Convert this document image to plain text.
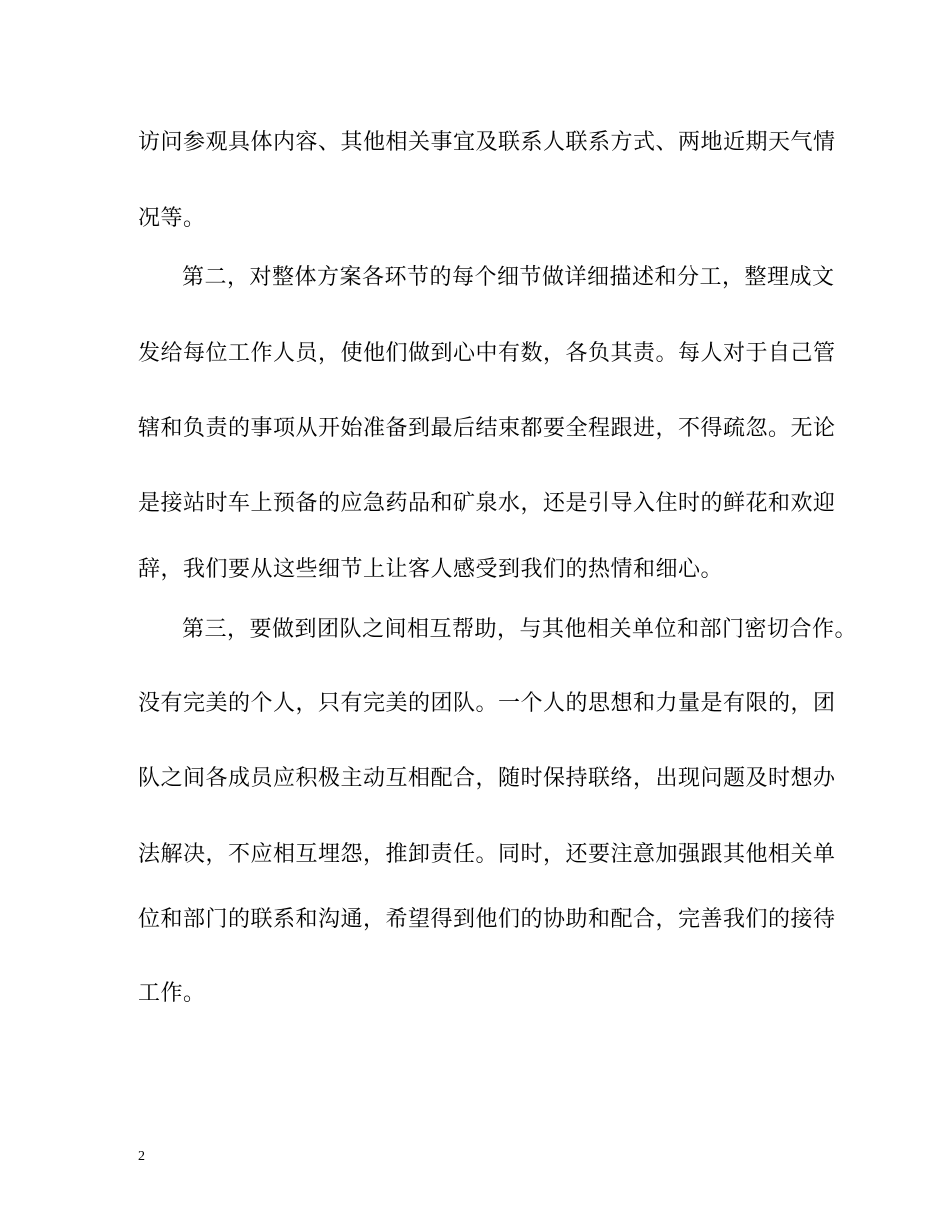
访问参观具体内容、其他相关事宜及联系人联系方式、两地近期天气情
况等。
第二，对整体方案各环节的每个细节做详细描述和分工，整理成文
发给每位工作人员，使他们做到心中有数，各负其责。每人对于自己管
辖和负责的事项从开始准备到最后结束都要全程跟进，不得疏忽。无论
是接站时车上预备的应急药品和矿泉水，还是引导入住时的鲜花和欢迎
辞，我们要从这些细节上让客人感受到我们的热情和细心。
第三，要做到团队之间相互帮助，与其他相关单位和部门密切合作。
没有完美的个人，只有完美的团队。一个人的思想和力量是有限的，团
队之间各成员应积极主动互相配合，随时保持联络，出现问题及时想办
法解决，不应相互埋怨，推卸责任。同时，还要注意加强跟其他相关单
位和部门的联系和沟通，希望得到他们的协助和配合，完善我们的接待
工作。
2
